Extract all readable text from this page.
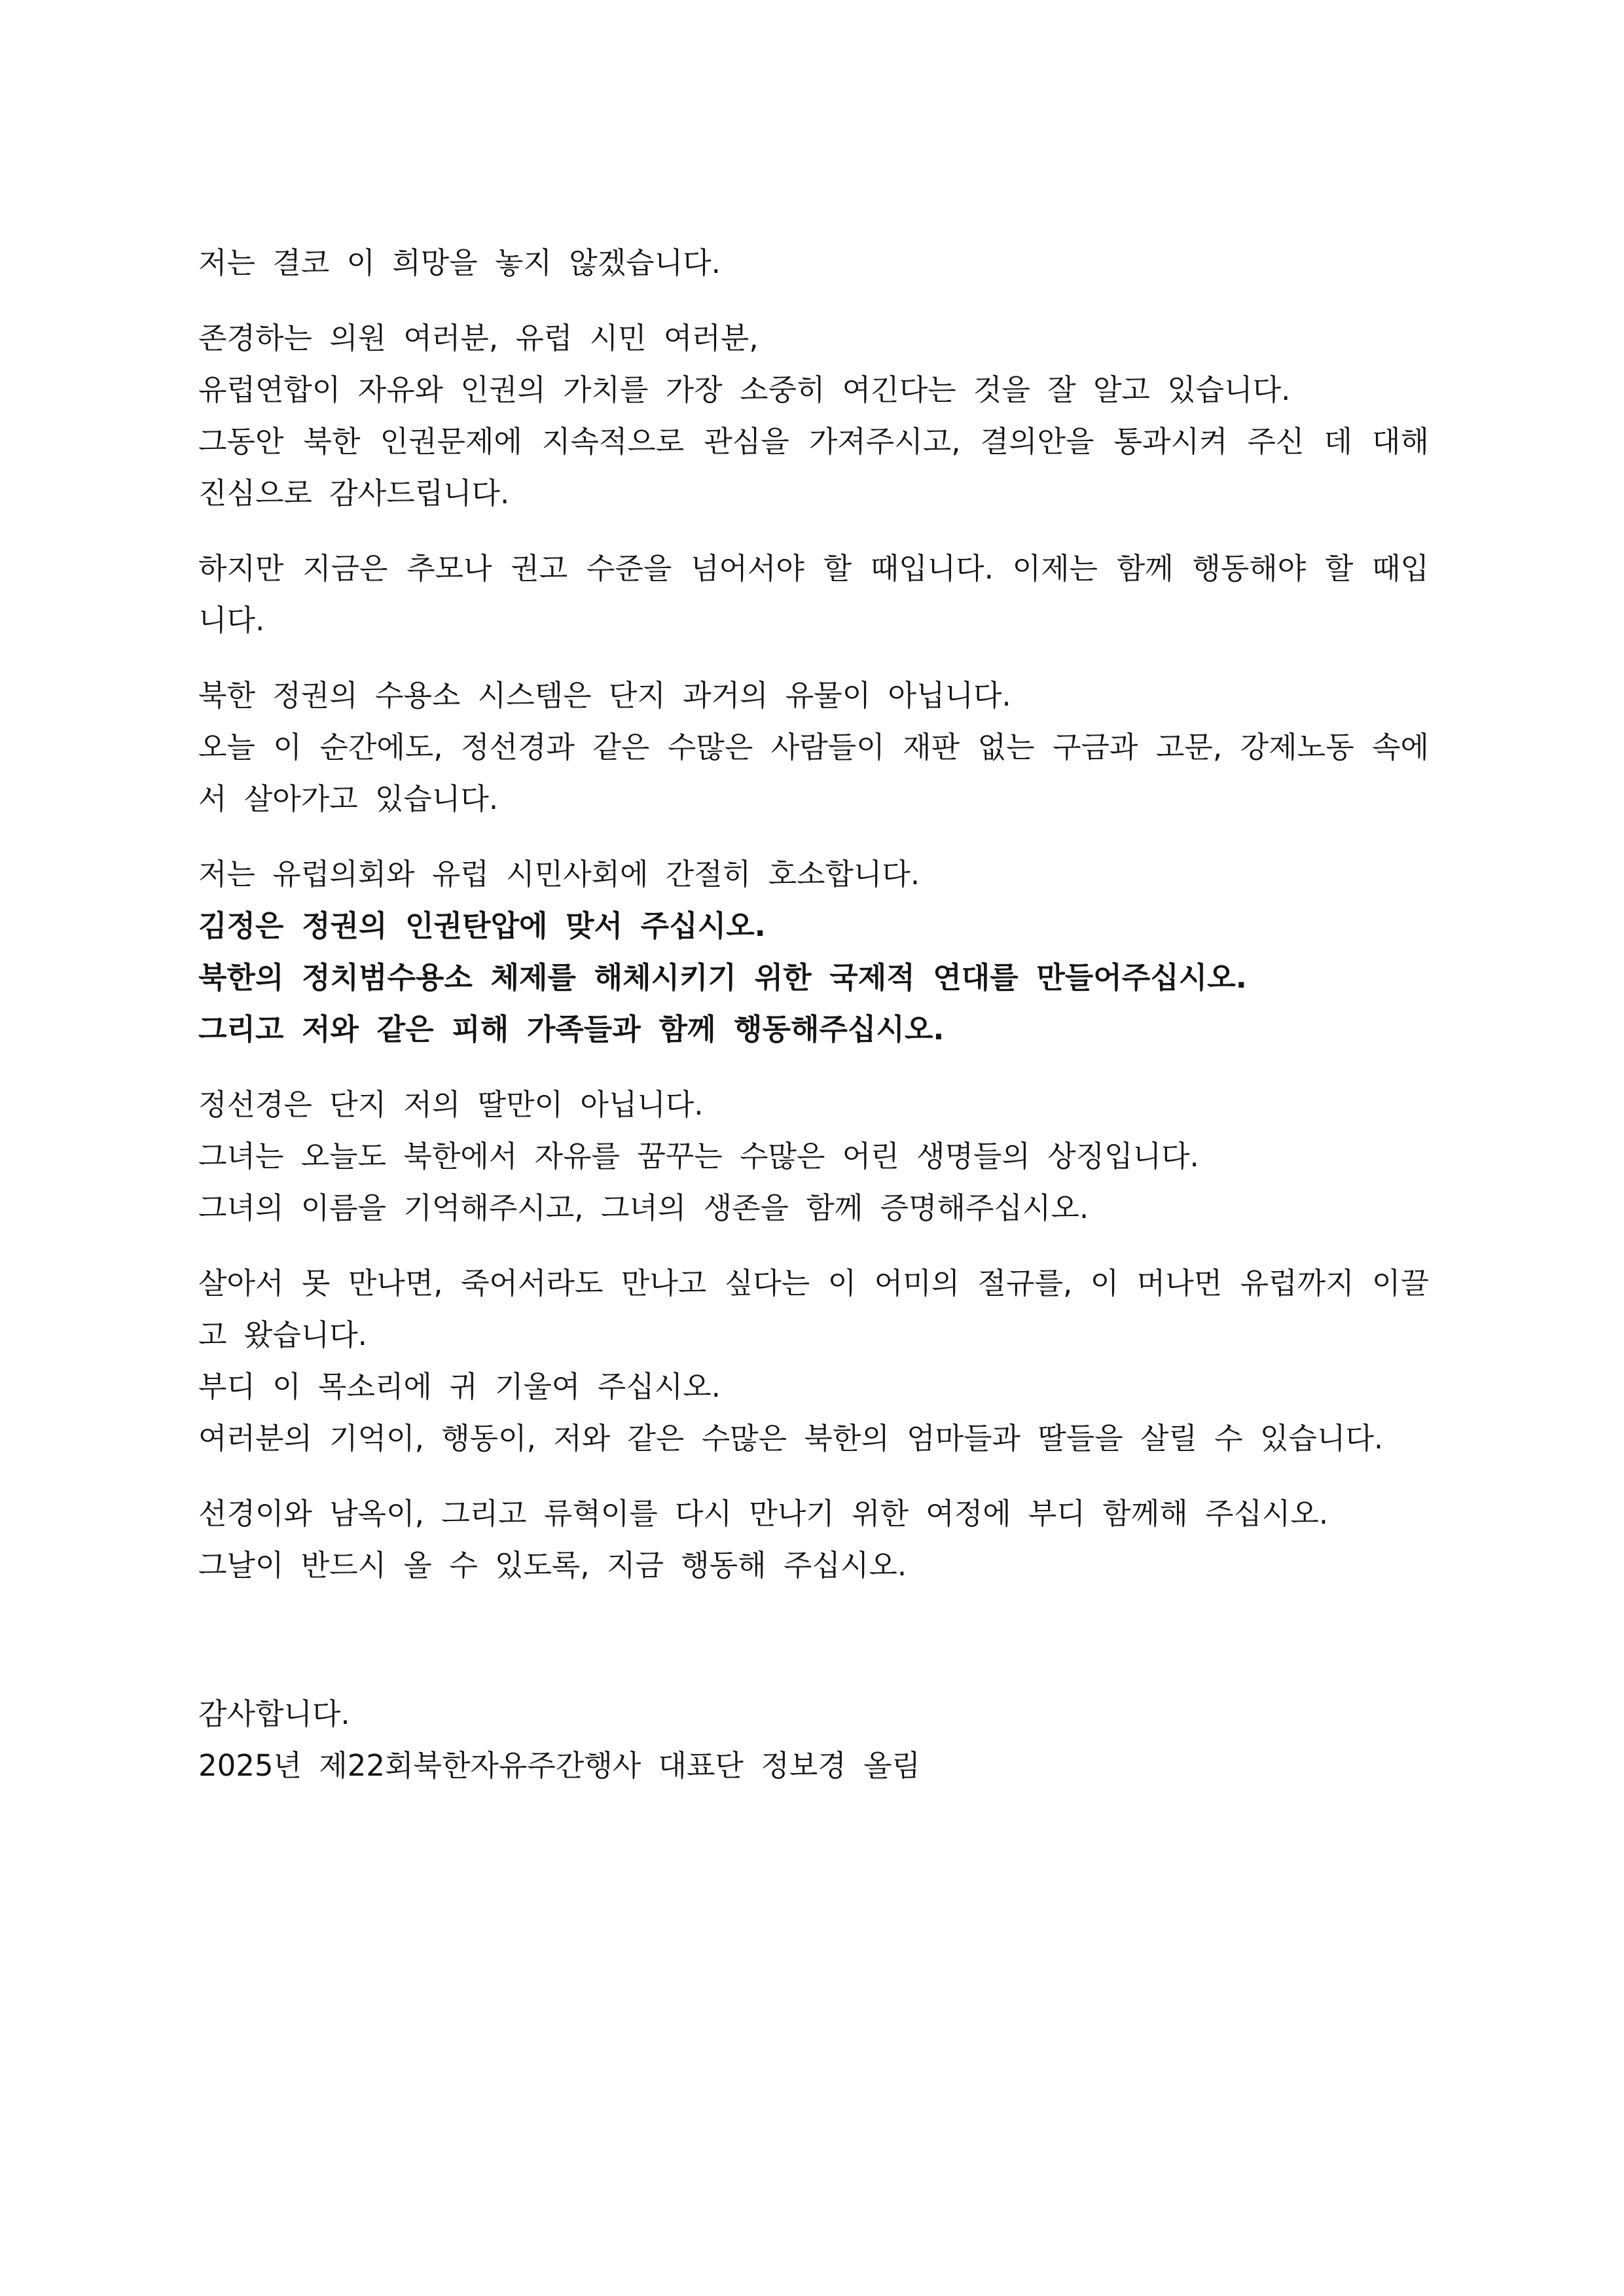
저는 결코 이 희망을 놓지 않겠습니다.
존경하는 의원 여러분, 유럽 시민 여러분,
유럽연합이 자유와 인권의 가치를 가장 소중히 여긴다는 것을 잘 알고 있습니다.
그동안 북한 인권문제에 지속적으로 관심을 가져주시고, 결의안을 통과시켜 주신 데 대해 진심으로 감사드립니다.
하지만 지금은 추모나 권고 수준을 넘어서야 할 때입니다. 이제는 함께 행동해야 할 때입니다.
북한 정권의 수용소 시스템은 단지 과거의 유물이 아닙니다.
오늘 이 순간에도, 정선경과 같은 수많은 사람들이 재판 없는 구금과 고문, 강제노동 속에서 살아가고 있습니다.
저는 유럽의회와 유럽 시민사회에 간절히 호소합니다.
김정은 정권의 인권탄압에 맞서 주십시오.
북한의 정치범수용소 체제를 해체시키기 위한 국제적 연대를 만들어주십시오.
그리고 저와 같은 피해 가족들과 함께 행동해주십시오.
정선경은 단지 저의 딸만이 아닙니다.
그녀는 오늘도 북한에서 자유를 꿈꾸는 수많은 어린 생명들의 상징입니다.
그녀의 이름을 기억해주시고, 그녀의 생존을 함께 증명해주십시오.
살아서 못 만나면, 죽어서라도 만나고 싶다는 이 어미의 절규를, 이 머나먼 유럽까지 이끌고 왔습니다.
부디 이 목소리에 귀 기울여 주십시오.
여러분의 기억이, 행동이, 저와 같은 수많은 북한의 엄마들과 딸들을 살릴 수 있습니다.
선경이와 남옥이, 그리고 류혁이를 다시 만나기 위한 여정에 부디 함께해 주십시오.
그날이 반드시 올 수 있도록, 지금 행동해 주십시오.
감사합니다.
2025년 제22회북한자유주간행사 대표단 정보경 올림
